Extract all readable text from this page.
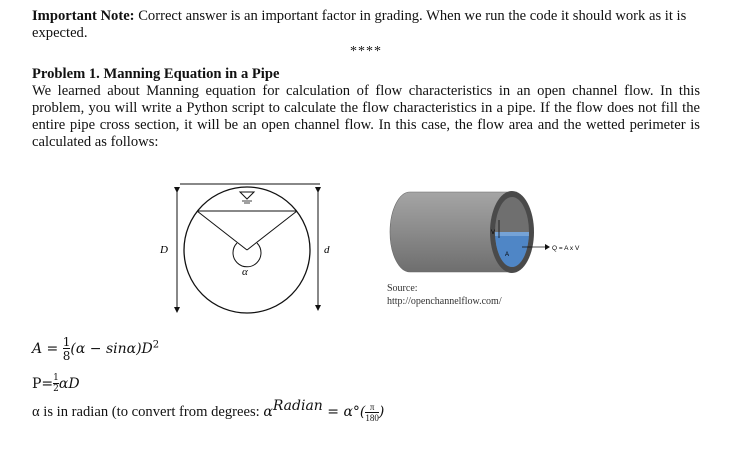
Important Note: Correct answer is an important factor in grading. When we run the code it should work as it is expected.

****

Problem 1. Manning Equation in a Pipe

We learned about Manning equation for calculation of flow characteristics in an open channel flow. In this problem, you will write a Python script to calculate the flow characteristics in a pipe. If the flow does not fill the entire pipe cross section, it will be an open channel flow. In this case, the flow area and the wetted perimeter is calculated as follows:

α
D	d
V
A
Q = A x V
Source:
http://openchannelflow.com/
$A = \frac{1}{8} (\alpha - \sin\alpha)D^2$
$P= \frac{1}{2}$ αD
α is in radian (to convert from degrees: αRadian = $\alpha^\circ( \frac{\pi}{180}$ )
